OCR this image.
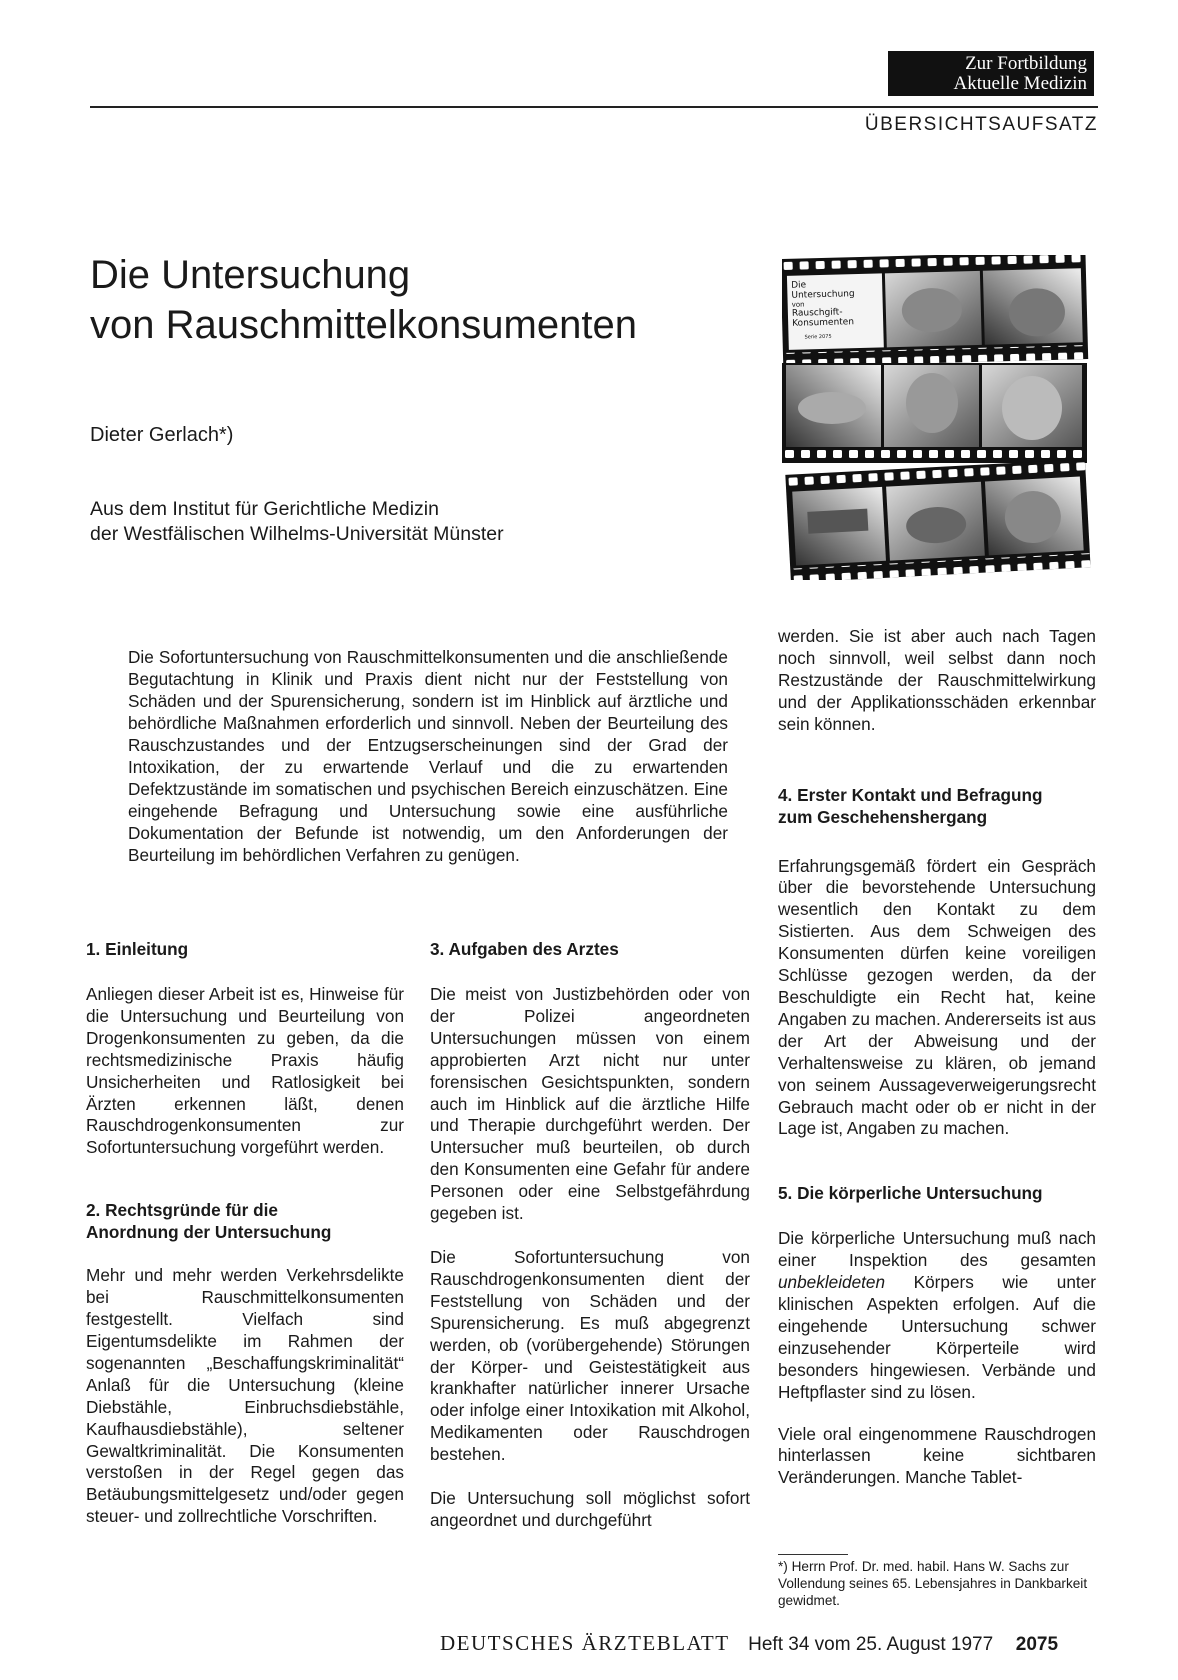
Zur Fortbildung
Aktuelle Medizin
ÜBERSICHTSAUFSATZ
Die Untersuchung
von Rauschmittelkonsumenten
Dieter Gerlach*)
Aus dem Institut für Gerichtliche Medizin
der Westfälischen Wilhelms-Universität Münster
Die
Untersuchung
von
Rauschgift-
Konsumenten
Serie 2075
Die Sofortuntersuchung von Rauschmittelkonsumenten und die anschließende Begutachtung in Klinik und Praxis dient nicht nur der Feststellung von Schäden und der Spurensicherung, sondern ist im Hinblick auf ärztliche und behördliche Maßnahmen erforderlich und sinnvoll. Neben der Beurteilung des Rauschzustandes und der Entzugserscheinungen sind der Grad der Intoxikation, der zu erwartende Verlauf und die zu erwartenden Defektzustände im somatischen und psychischen Bereich einzuschätzen. Eine eingehende Befragung und Untersuchung sowie eine ausführliche Dokumentation der Befunde ist notwendig, um den Anforderungen der Beurteilung im behördlichen Verfahren zu genügen.

1. Einleitung

Anliegen dieser Arbeit ist es, Hinweise für die Untersuchung und Beurteilung von Drogenkonsumenten zu geben, da die rechtsmedizinische Praxis häufig Unsicherheiten und Ratlosigkeit bei Ärzten erkennen läßt, denen Rauschdrogenkonsumenten zur Sofortuntersuchung vorgeführt werden.

2. Rechtsgründe für die
Anordnung der Untersuchung

Mehr und mehr werden Verkehrsdelikte bei Rauschmittelkonsumenten festgestellt. Vielfach sind Eigentumsdelikte im Rahmen der sogenannten „Beschaffungskriminalität“ Anlaß für die Untersuchung (kleine Diebstähle, Einbruchsdiebstähle, Kaufhausdiebstähle), seltener Gewaltkriminalität. Die Konsumenten verstoßen in der Regel gegen das Betäubungsmittelgesetz und/oder gegen steuer- und zollrechtliche Vorschriften.

3. Aufgaben des Arztes

Die meist von Justizbehörden oder von der Polizei angeordneten Untersuchungen müssen von einem approbierten Arzt nicht nur unter forensischen Gesichtspunkten, sondern auch im Hinblick auf die ärztliche Hilfe und Therapie durchgeführt werden. Der Untersucher muß beurteilen, ob durch den Konsumenten eine Gefahr für andere Personen oder eine Selbstgefährdung gegeben ist.

Die Sofortuntersuchung von Rauschdrogenkonsumenten dient der Feststellung von Schäden und der Spurensicherung. Es muß abgegrenzt werden, ob (vorübergehende) Störungen der Körper- und Geistestätigkeit aus krankhafter natürlicher innerer Ursache oder infolge einer Intoxikation mit Alkohol, Medikamenten oder Rauschdrogen bestehen.

Die Untersuchung soll möglichst sofort angeordnet und durchgeführt

werden. Sie ist aber auch nach Tagen noch sinnvoll, weil selbst dann noch Restzustände der Rauschmittelwirkung und der Applikationsschäden erkennbar sein können.

4. Erster Kontakt und Befragung
zum Geschehenshergang

Erfahrungsgemäß fördert ein Gespräch über die bevorstehende Untersuchung wesentlich den Kontakt zu dem Sistierten. Aus dem Schweigen des Konsumenten dürfen keine voreiligen Schlüsse gezogen werden, da der Beschuldigte ein Recht hat, keine Angaben zu machen. Andererseits ist aus der Art der Abweisung und der Verhaltensweise zu klären, ob jemand von seinem Aussageverweigerungsrecht Gebrauch macht oder ob er nicht in der Lage ist, Angaben zu machen.

5. Die körperliche Untersuchung

Die körperliche Untersuchung muß nach einer Inspektion des gesamten unbekleideten Körpers wie unter klinischen Aspekten erfolgen. Auf die eingehende Untersuchung schwer einzusehender Körperteile wird besonders hingewiesen. Verbände und Heftpflaster sind zu lösen.

Viele oral eingenommene Rauschdrogen hinterlassen keine sichtbaren Veränderungen. Manche Tablet-

*) Herrn Prof. Dr. med. habil. Hans W. Sachs zur Vollendung seines 65. Lebensjahres in Dankbarkeit gewidmet.
DEUTSCHES ÄRZTEBLATT Heft 34 vom 25. August 1977 2075
